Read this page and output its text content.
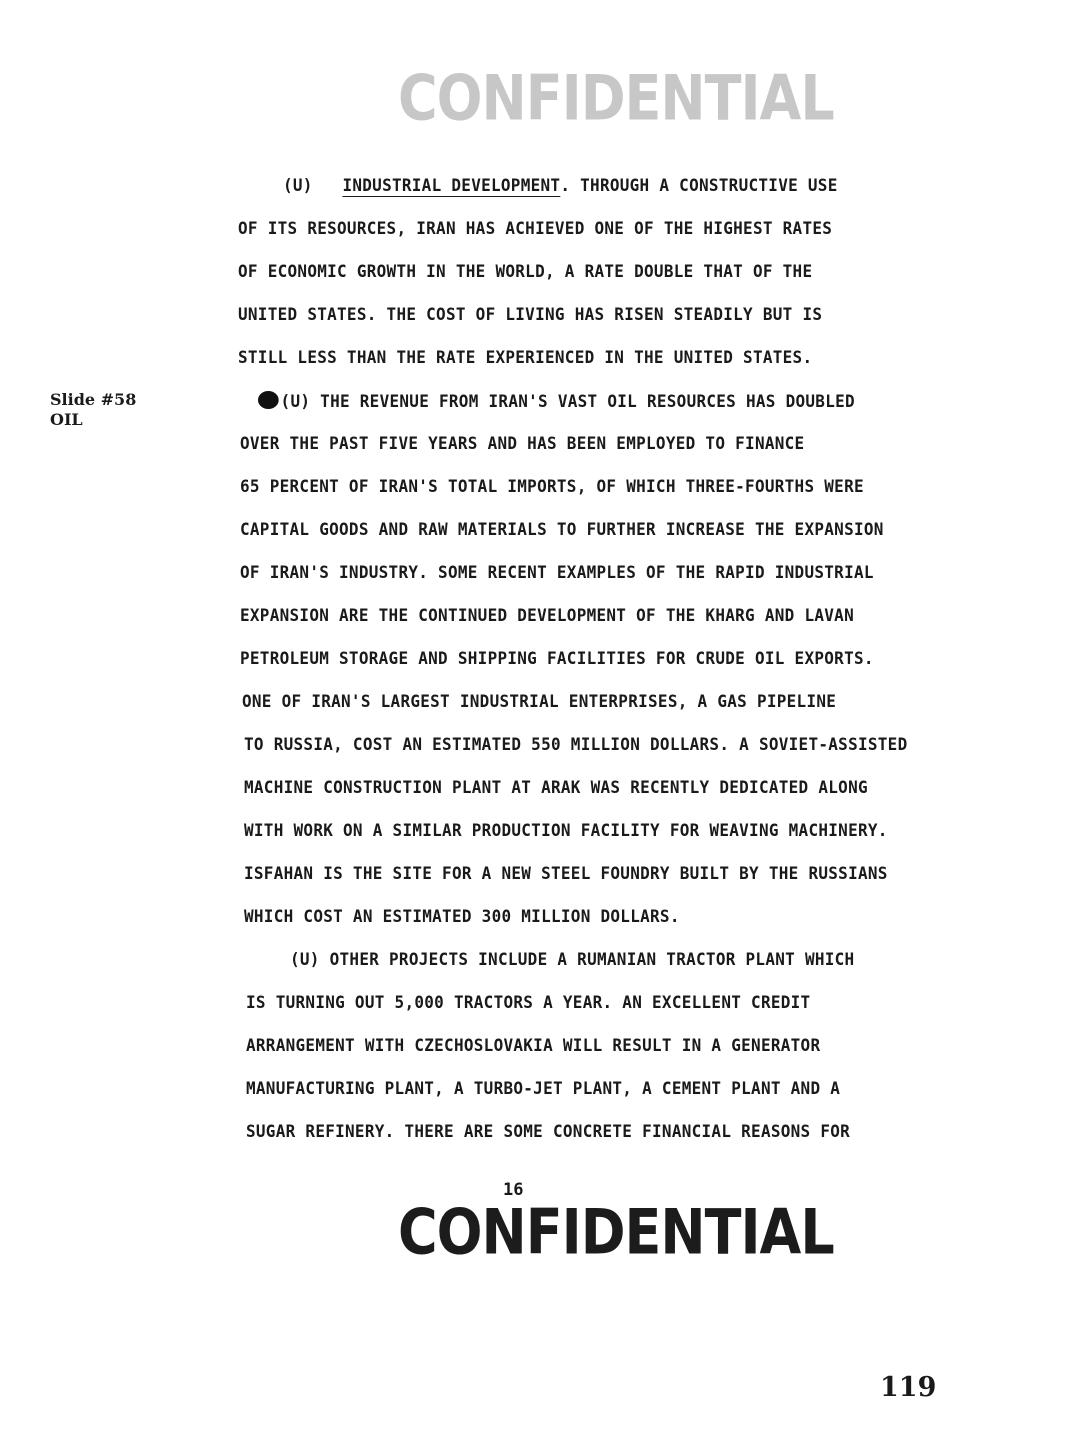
CONFIDENTIAL
Slide #58
OIL
(U) INDUSTRIAL DEVELOPMENT. THROUGH A CONSTRUCTIVE USE
OF ITS RESOURCES, IRAN HAS ACHIEVED ONE OF THE HIGHEST RATES
OF ECONOMIC GROWTH IN THE WORLD, A RATE DOUBLE THAT OF THE
UNITED STATES. THE COST OF LIVING HAS RISEN STEADILY BUT IS
STILL LESS THAN THE RATE EXPERIENCED IN THE UNITED STATES.
(U) THE REVENUE FROM IRAN'S VAST OIL RESOURCES HAS DOUBLED
OVER THE PAST FIVE YEARS AND HAS BEEN EMPLOYED TO FINANCE
65 PERCENT OF IRAN'S TOTAL IMPORTS, OF WHICH THREE-FOURTHS WERE
CAPITAL GOODS AND RAW MATERIALS TO FURTHER INCREASE THE EXPANSION
OF IRAN'S INDUSTRY. SOME RECENT EXAMPLES OF THE RAPID INDUSTRIAL
EXPANSION ARE THE CONTINUED DEVELOPMENT OF THE KHARG AND LAVAN
PETROLEUM STORAGE AND SHIPPING FACILITIES FOR CRUDE OIL EXPORTS.
ONE OF IRAN'S LARGEST INDUSTRIAL ENTERPRISES, A GAS PIPELINE
TO RUSSIA, COST AN ESTIMATED 550 MILLION DOLLARS. A SOVIET-ASSISTED
MACHINE CONSTRUCTION PLANT AT ARAK WAS RECENTLY DEDICATED ALONG
WITH WORK ON A SIMILAR PRODUCTION FACILITY FOR WEAVING MACHINERY.
ISFAHAN IS THE SITE FOR A NEW STEEL FOUNDRY BUILT BY THE RUSSIANS
WHICH COST AN ESTIMATED 300 MILLION DOLLARS.
(U) OTHER PROJECTS INCLUDE A RUMANIAN TRACTOR PLANT WHICH
IS TURNING OUT 5,000 TRACTORS A YEAR. AN EXCELLENT CREDIT
ARRANGEMENT WITH CZECHOSLOVAKIA WILL RESULT IN A GENERATOR
MANUFACTURING PLANT, A TURBO-JET PLANT, A CEMENT PLANT AND A
SUGAR REFINERY. THERE ARE SOME CONCRETE FINANCIAL REASONS FOR
16
CONFIDENTIAL
119
